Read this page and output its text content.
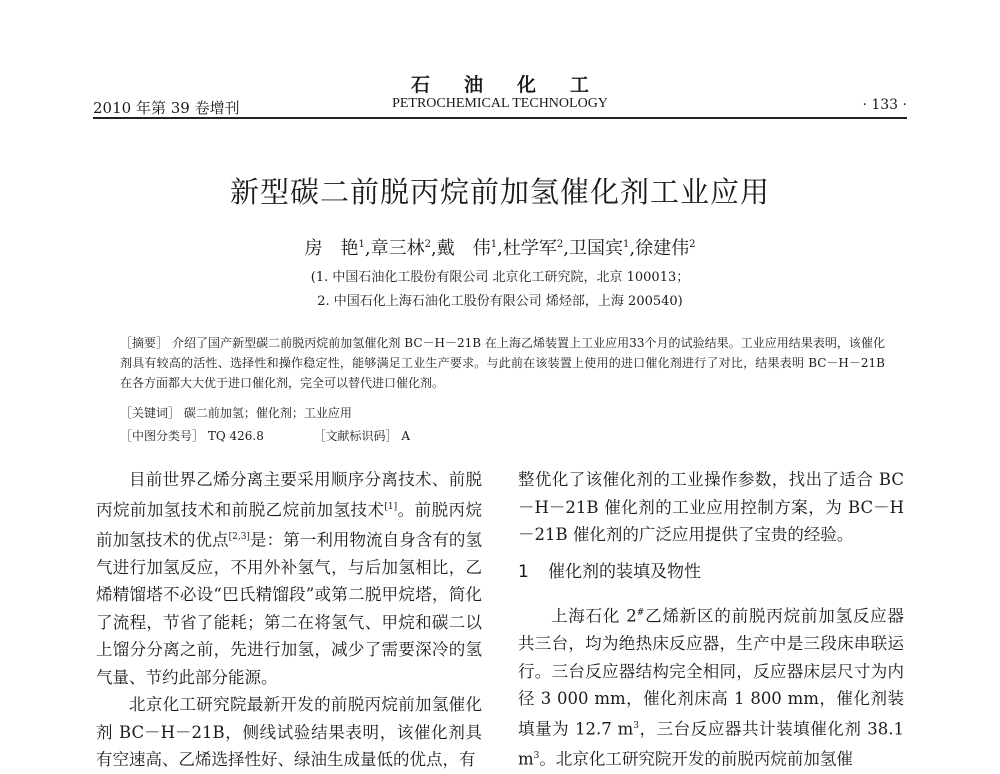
石油化工
2010 年第 39 卷增刊	PETROCHEMICAL TECHNOLOGY	· 133 ·
新型碳二前脱丙烷前加氢催化剂工业应用
房　艳$^1$,章三林$^2$,戴　伟$^1$,杜学军$^2$,卫国宾$^1$,徐建伟$^2$
(1. 中国石油化工股份有限公司 北京化工研究院，北京 100013；
2. 中国石化上海石油化工股份有限公司 烯烃部，上海 200540)
［摘要］ 介绍了国产新型碳二前脱丙烷前加氢催化剂 BC－H－21B 在上海乙烯装置上工业应用33个月的试验结果。工业应用结果表明，该催化剂具有较高的活性、选择性和操作稳定性，能够满足工业生产要求。与此前在该装置上使用的进口催化剂进行了对比，结果表明 BC－H－21B 在各方面都大大优于进口催化剂，完全可以替代进口催化剂。
［关键词］ 碳二前加氢；催化剂；工业应用
［中图分类号］ TQ 426.8	［文献标识码］ A

目前世界乙烯分离主要采用顺序分离技术、前脱丙烷前加氢技术和前脱乙烷前加氢技术[1]。前脱丙烷前加氢技术的优点[2,3]是：第一利用物流自身含有的氢气进行加氢反应，不用外补氢气，与后加氢相比，乙烯精馏塔不必设“巴氏精馏段”或第二脱甲烷塔，简化了流程，节省了能耗；第二在将氢气、甲烷和碳二以上馏分分离之前，先进行加氢，减少了需要深冷的氢气量、节约此部分能源。

北京化工研究院最新开发的前脱丙烷前加氢催化剂 BC－H－21B，侧线试验结果表明，该催化剂具有空速高、乙烯选择性好、绿油生成量低的优点，有

整优化了该催化剂的工业操作参数，找出了适合 BC－H－21B 催化剂的工业应用控制方案，为 BC－H－21B 催化剂的广泛应用提供了宝贵的经验。

1 催化剂的装填及物性

上海石化 2#乙烯新区的前脱丙烷前加氢反应器共三台，均为绝热床反应器，生产中是三段床串联运行。三台反应器结构完全相同，反应器床层尺寸为内径 3 000 mm，催化剂床高 1 800 mm，催化剂装填量为 12.7 $m^3$，三台反应器共计装填催化剂 38.1 $m^3$。北京化工研究院开发的前脱丙烷前加氢催
